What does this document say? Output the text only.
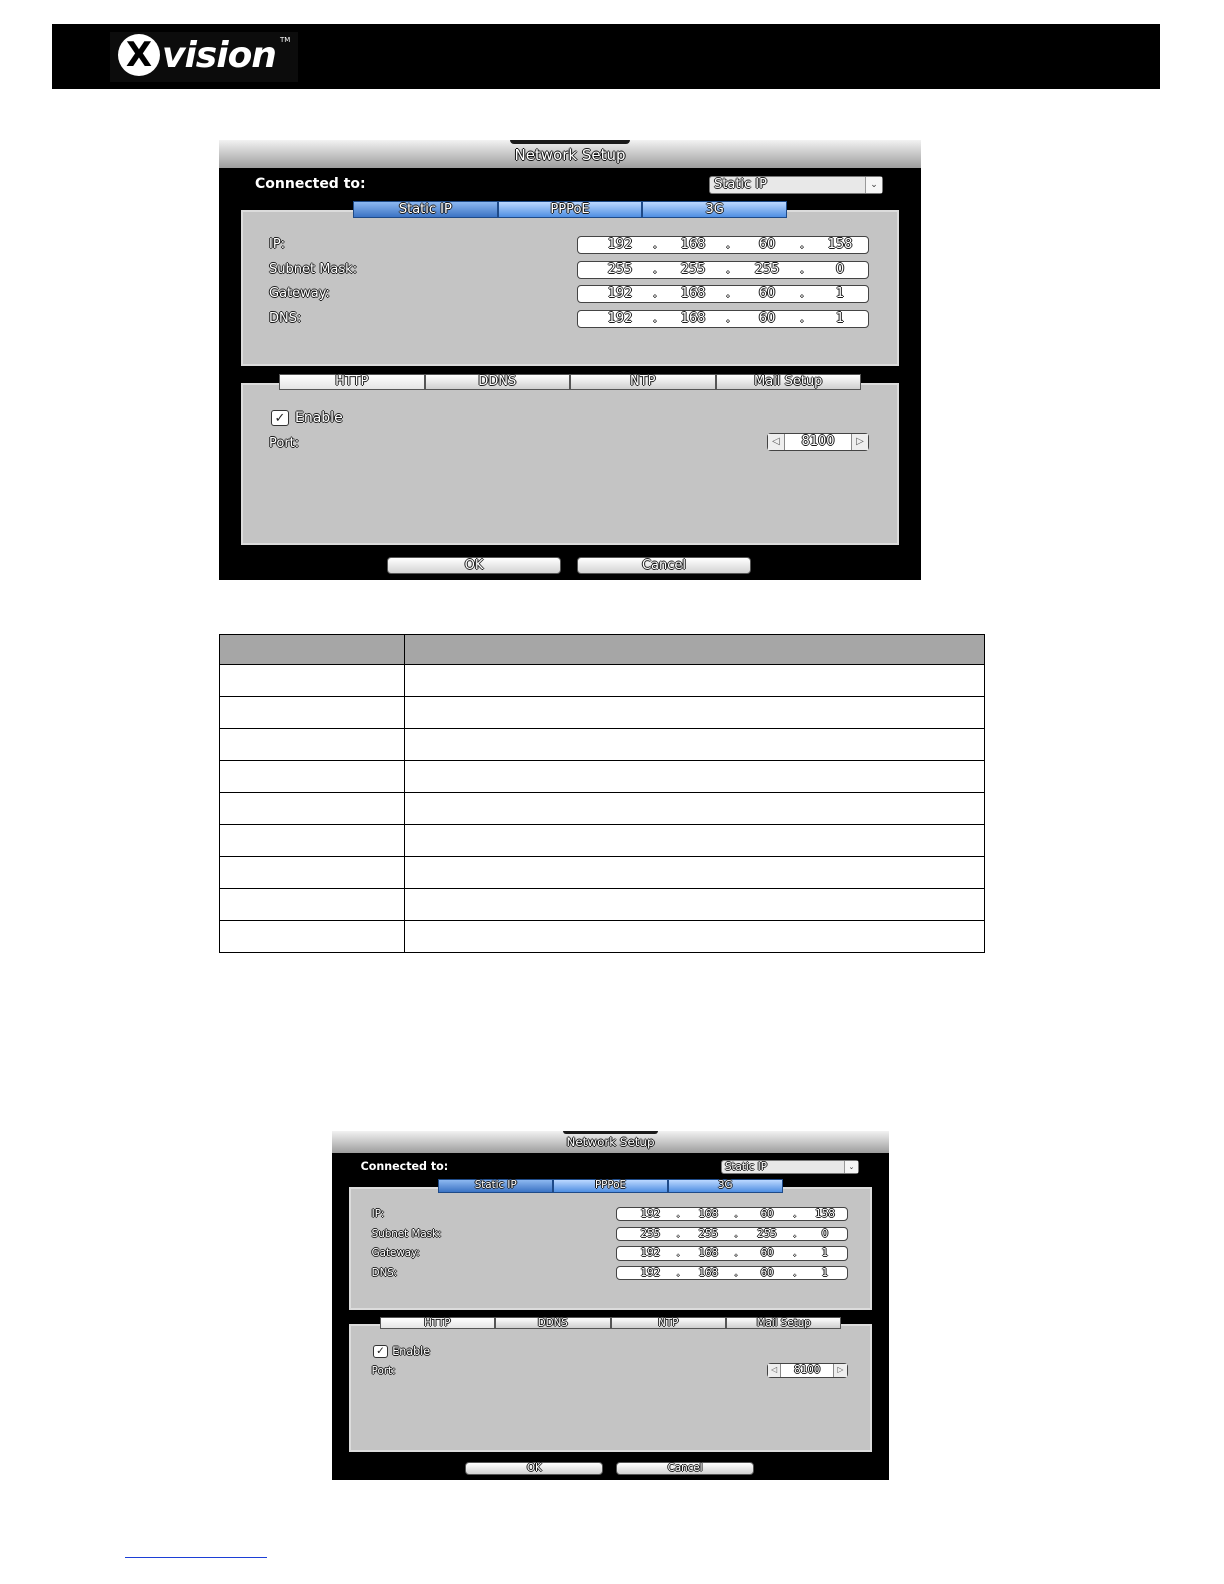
X vision TM
Network Setup
Connected to:	Static IP	⌄
Static IP	PPPoE	3G
IP:	192	.	168	.	60	.	158
Subnet Mask:	255	.	255	.	255	.	0
Gateway:	192	.	168	.	60	.	1
DNS:	192	.	168	.	60	.	1
HTTP	DDNS	NTP	Mail Setup
✓ Enable
Port:	◁	8100	▷
OK	Cancel
Network Setup
Connected to:	Static IP	⌄
Static IP	PPPoE	3G
IP:	192	.	168	.	60	.	158
Subnet Mask:	255	.	255	.	255	.	0
Gateway:	192	.	168	.	60	.	1
DNS:	192	.	168	.	60	.	1
HTTP	DDNS	NTP	Mail Setup
✓ Enable
Port:	◁	8100	▷
OK	Cancel
